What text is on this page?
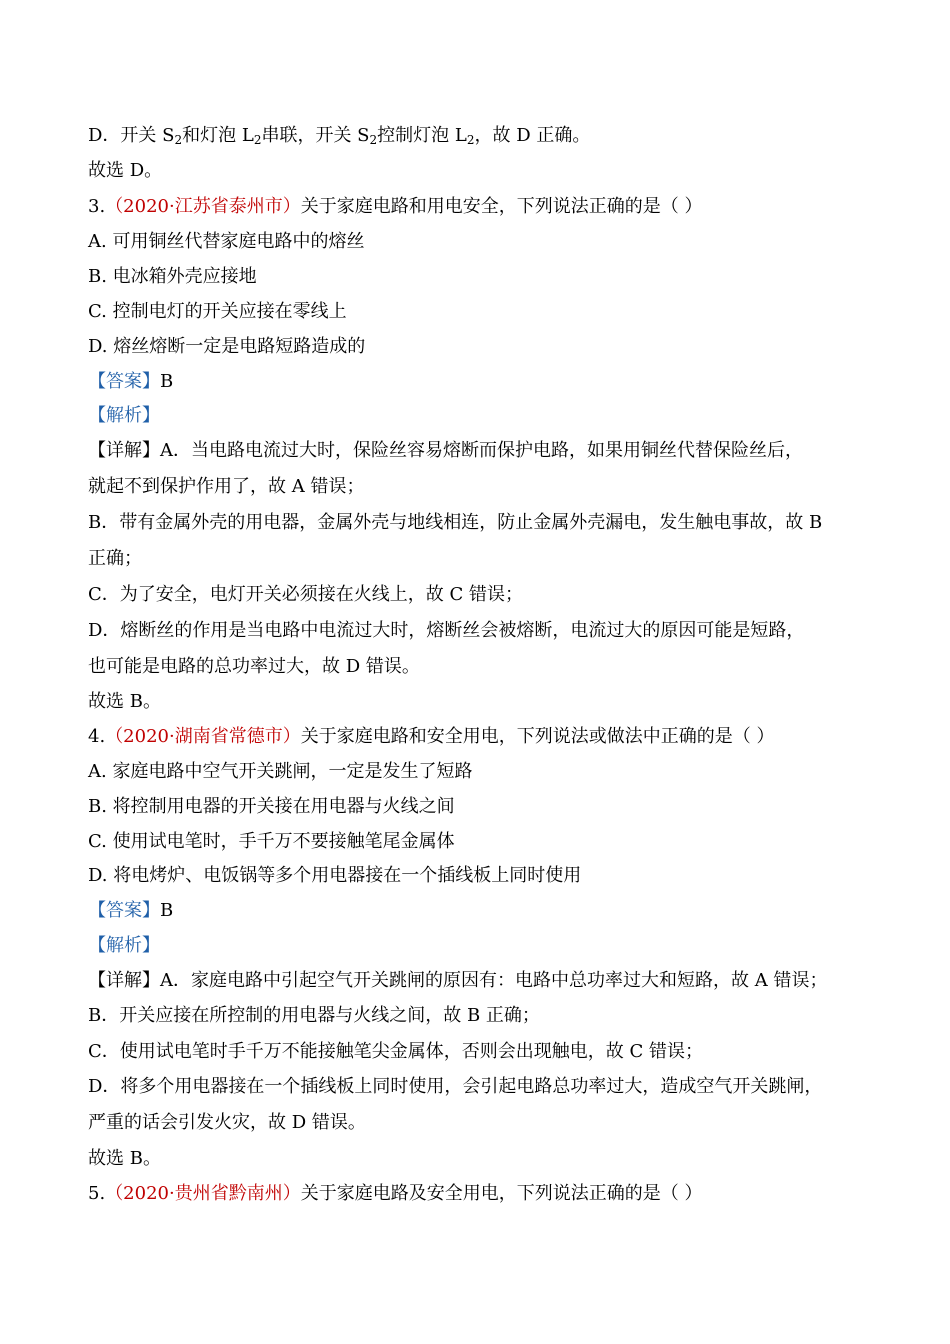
D．开关 S2和灯泡 L2串联，开关 S2控制灯泡 L2，故 D 正确。
故选 D。
3.（2020·江苏省泰州市）关于家庭电路和用电安全，下列说法正确的是（ ）
A. 可用铜丝代替家庭电路中的熔丝
B. 电冰箱外壳应接地
C. 控制电灯的开关应接在零线上
D. 熔丝熔断一定是电路短路造成的
【答案】B
【解析】
【详解】A．当电路电流过大时，保险丝容易熔断而保护电路，如果用铜丝代替保险丝后，
就起不到保护作用了，故 A 错误；
B．带有金属外壳的用电器，金属外壳与地线相连，防止金属外壳漏电，发生触电事故，故 B
正确；
C．为了安全，电灯开关必须接在火线上，故 C 错误；
D．熔断丝的作用是当电路中电流过大时，熔断丝会被熔断，电流过大的原因可能是短路，
也可能是电路的总功率过大，故 D 错误。
故选 B。
4.（2020·湖南省常德市）关于家庭电路和安全用电，下列说法或做法中正确的是（ ）
A. 家庭电路中空气开关跳闸，一定是发生了短路
B. 将控制用电器的开关接在用电器与火线之间
C. 使用试电笔时，手千万不要接触笔尾金属体
D. 将电烤炉、电饭锅等多个用电器接在一个插线板上同时使用
【答案】B
【解析】
【详解】A．家庭电路中引起空气开关跳闸的原因有：电路中总功率过大和短路，故 A 错误；
B．开关应接在所控制的用电器与火线之间，故 B 正确；
C．使用试电笔时手千万不能接触笔尖金属体，否则会出现触电，故 C 错误；
D．将多个用电器接在一个插线板上同时使用，会引起电路总功率过大，造成空气开关跳闸，
严重的话会引发火灾，故 D 错误。
故选 B。
5.（2020·贵州省黔南州）关于家庭电路及安全用电，下列说法正确的是（ ）
